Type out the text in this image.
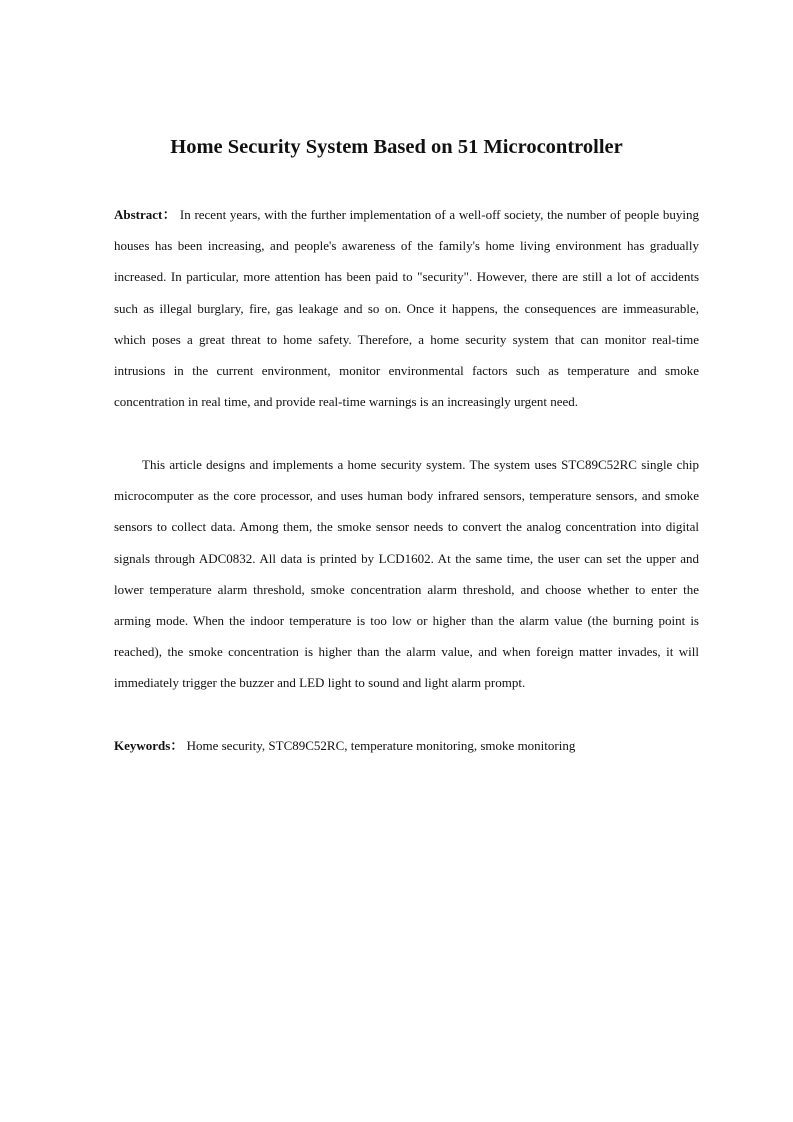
Home Security System Based on 51 Microcontroller

Abstract： In recent years, with the further implementation of a well-off society, the number of people buying houses has been increasing, and people's awareness of the family's home living environment has gradually increased. In particular, more attention has been paid to "security". However, there are still a lot of accidents such as illegal burglary, fire, gas leakage and so on. Once it happens, the consequences are immeasurable, which poses a great threat to home safety. Therefore, a home security system that can monitor real-time intrusions in the current environment, monitor environmental factors such as temperature and smoke concentration in real time, and provide real-time warnings is an increasingly urgent need.

This article designs and implements a home security system. The system uses STC89C52RC single chip microcomputer as the core processor, and uses human body infrared sensors, temperature sensors, and smoke sensors to collect data. Among them, the smoke sensor needs to convert the analog concentration into digital signals through ADC0832. All data is printed by LCD1602. At the same time, the user can set the upper and lower temperature alarm threshold, smoke concentration alarm threshold, and choose whether to enter the arming mode. When the indoor temperature is too low or higher than the alarm value (the burning point is reached), the smoke concentration is higher than the alarm value, and when foreign matter invades, it will immediately trigger the buzzer and LED light to sound and light alarm prompt.

Keywords： Home security, STC89C52RC, temperature monitoring, smoke monitoring
